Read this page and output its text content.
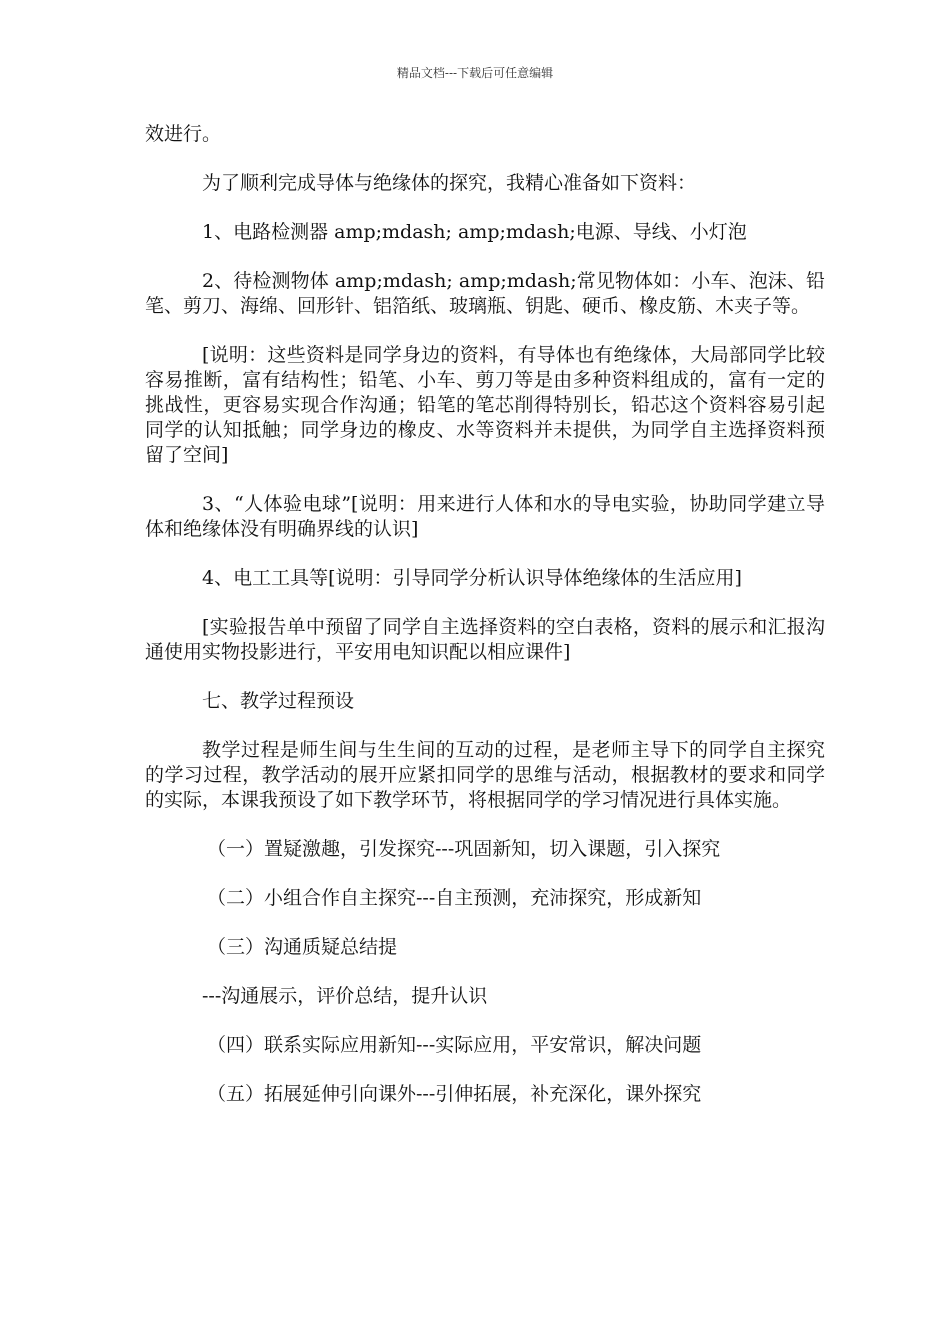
精品文档---下载后可任意编辑

效进行。

为了顺利完成导体与绝缘体的探究，我精心准备如下资料：

1、电路检测器 amp;mdash; amp;mdash;电源、导线、小灯泡

2、待检测物体 amp;mdash; amp;mdash;常见物体如：小车、泡沫、铅笔、剪刀、海绵、回形针、铝箔纸、玻璃瓶、钥匙、硬币、橡皮筋、木夹子等。

[说明：这些资料是同学身边的资料，有导体也有绝缘体，大局部同学比较容易推断，富有结构性；铅笔、小车、剪刀等是由多种资料组成的，富有一定的挑战性，更容易实现合作沟通；铅笔的笔芯削得特别长，铅芯这个资料容易引起同学的认知抵触；同学身边的橡皮、水等资料并未提供，为同学自主选择资料预留了空间]

3、“人体验电球”[说明：用来进行人体和水的导电实验，协助同学建立导体和绝缘体没有明确界线的认识]

4、电工工具等[说明：引导同学分析认识导体绝缘体的生活应用]

[实验报告单中预留了同学自主选择资料的空白表格，资料的展示和汇报沟通使用实物投影进行，平安用电知识配以相应课件]

七、教学过程预设

教学过程是师生间与生生间的互动的过程，是老师主导下的同学自主探究的学习过程，教学活动的展开应紧扣同学的思维与活动，根据教材的要求和同学的实际，本课我预设了如下教学环节，将根据同学的学习情况进行具体实施。

（一）置疑激趣，引发探究---巩固新知，切入课题，引入探究

（二）小组合作自主探究---自主预测，充沛探究，形成新知

（三）沟通质疑总结提

---沟通展示，评价总结，提升认识

（四）联系实际应用新知---实际应用，平安常识，解决问题

（五）拓展延伸引向课外---引伸拓展，补充深化，课外探究
